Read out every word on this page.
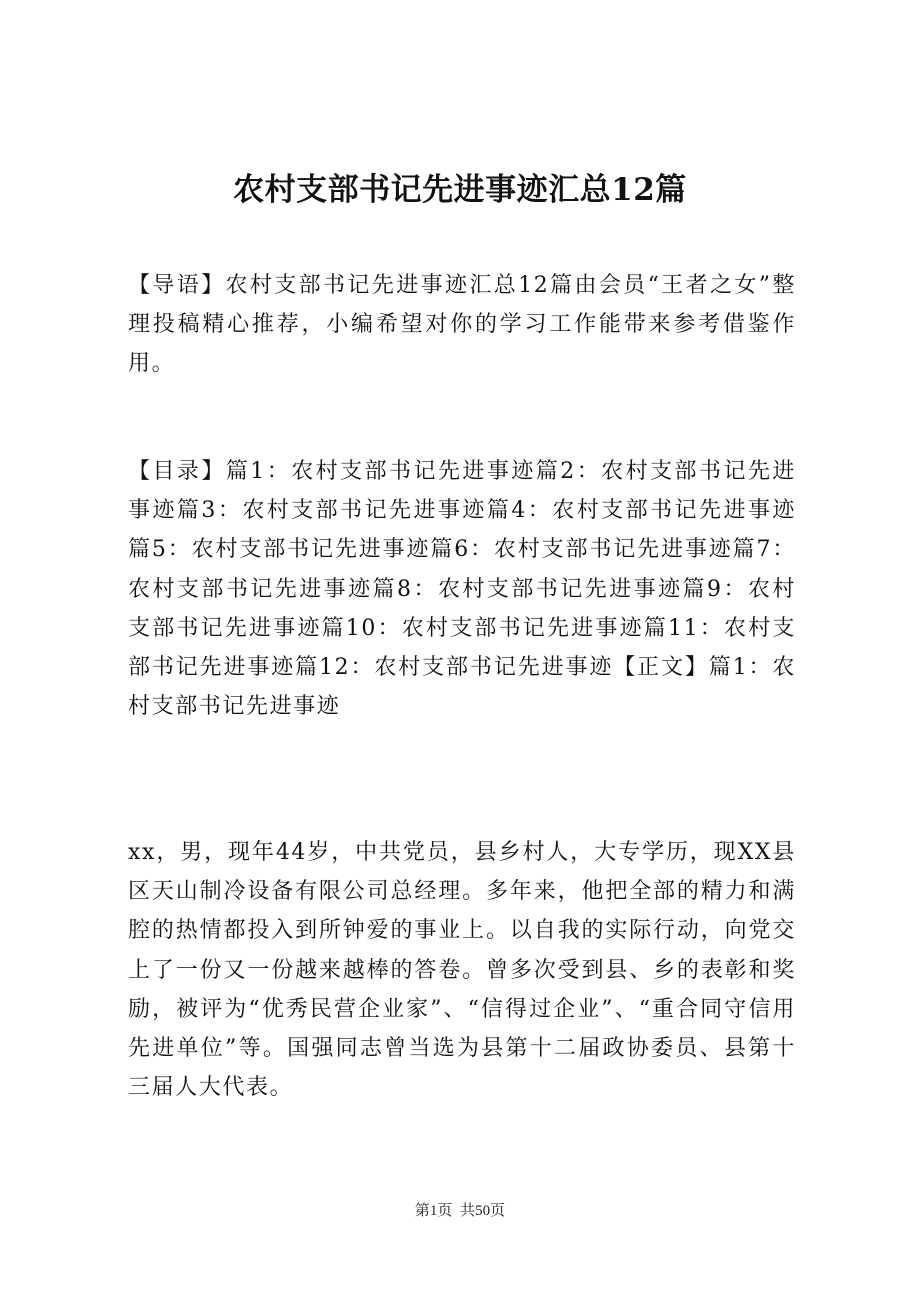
农村支部书记先进事迹汇总12篇

【导语】农村支部书记先进事迹汇总12篇由会员“王者之女”整理投稿精心推荐，小编希望对你的学习工作能带来参考借鉴作用。

【目录】篇1：农村支部书记先进事迹篇2：农村支部书记先进事迹篇3：农村支部书记先进事迹篇4：农村支部书记先进事迹篇5：农村支部书记先进事迹篇6：农村支部书记先进事迹篇7：农村支部书记先进事迹篇8：农村支部书记先进事迹篇9：农村支部书记先进事迹篇10：农村支部书记先进事迹篇11：农村支部书记先进事迹篇12：农村支部书记先进事迹【正文】篇1：农村支部书记先进事迹

xx，男，现年44岁，中共党员，县乡村人，大专学历，现XX县区天山制冷设备有限公司总经理。多年来，他把全部的精力和满腔的热情都投入到所钟爱的事业上。以自我的实际行动，向党交上了一份又一份越来越棒的答卷。曾多次受到县、乡的表彰和奖励，被评为“优秀民营企业家”、“信得过企业”、“重合同守信用先进单位”等。国强同志曾当选为县第十二届政协委员、县第十三届人大代表。

第1页 共50页
